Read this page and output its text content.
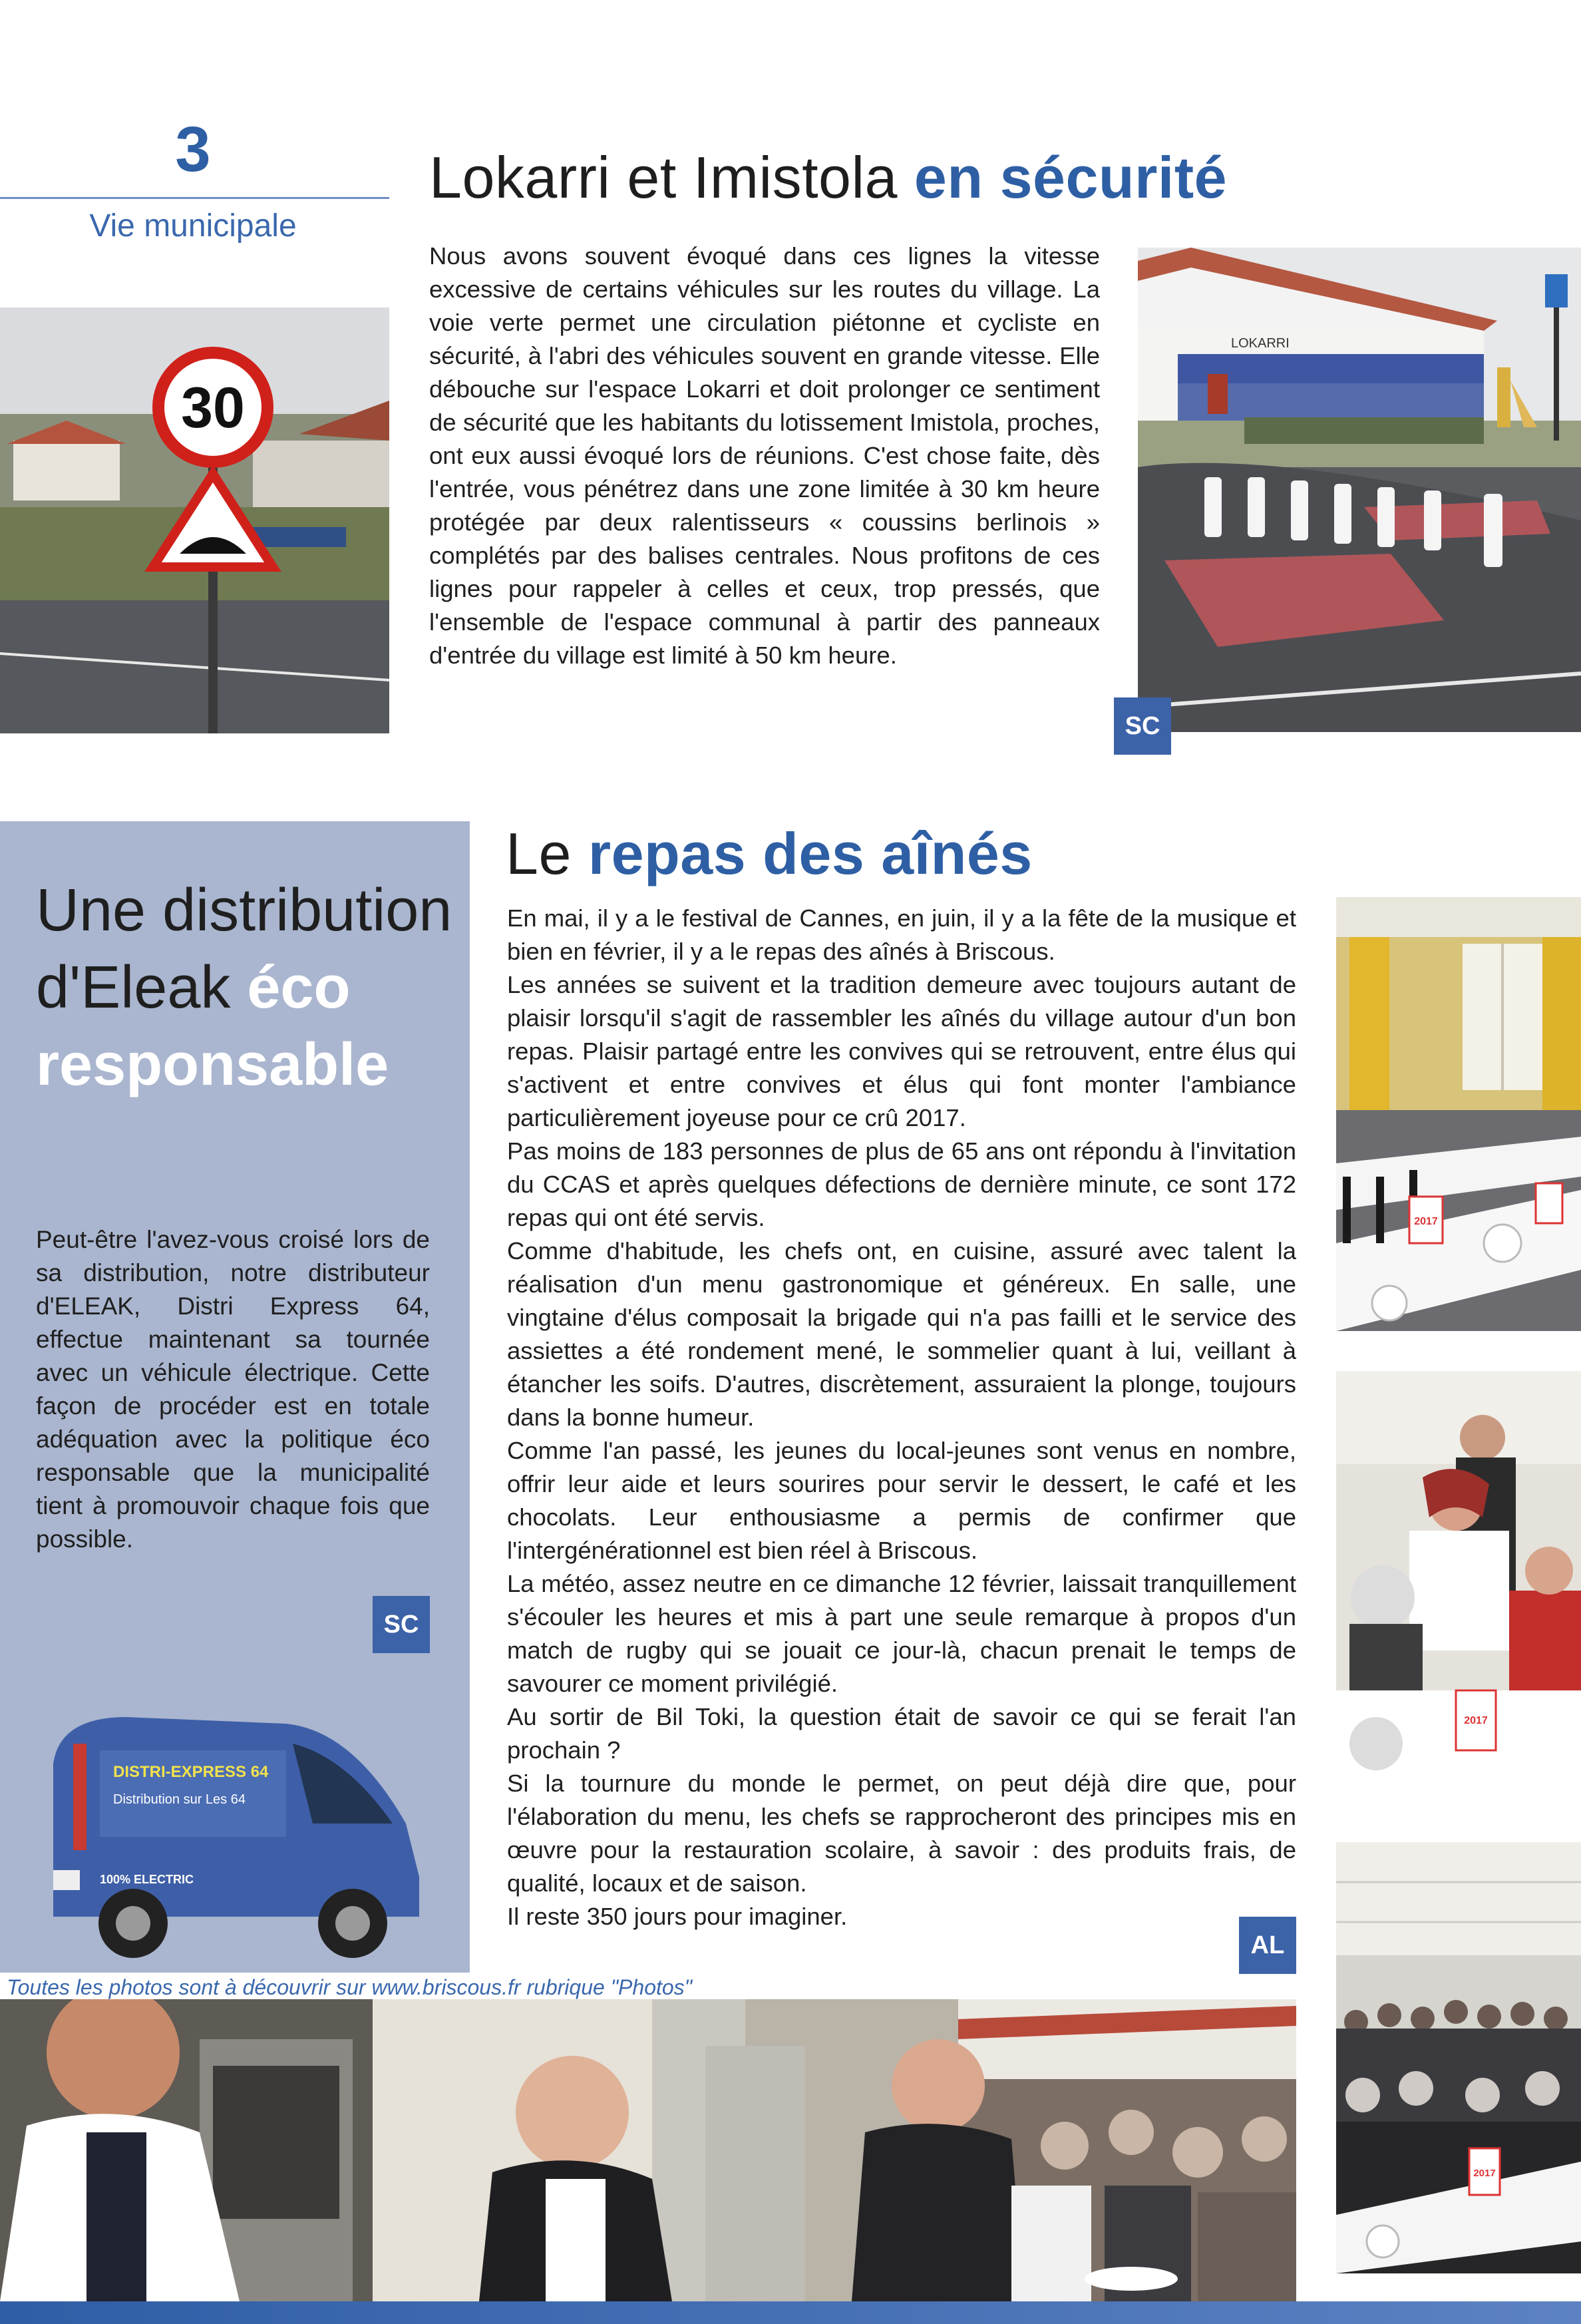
3
Vie municipale
Lokarri et Imistola en sécurité

Nous avons souvent évoqué dans ces lignes la vitesse excessive de certains véhicules sur les routes du village. La voie verte permet une circulation piétonne et cycliste en sécurité, à l'abri des véhicules souvent en grande vitesse. Elle débouche sur l'espace Lokarri et doit prolonger ce sentiment de sécurité que les habitants du lotissement Imistola, proches, ont eux aussi évoqué lors de réunions. C'est chose faite, dès l'entrée, vous pénétrez dans une zone limitée à 30 km heure protégée par deux ralentisseurs « coussins berlinois » complétés par des balises centrales. Nous profitons de ces lignes pour rappeler à celles et ceux, trop pressés, que l'ensemble de l'espace communal à partir des panneaux d'entrée du village est limité à 50 km heure.

30
LOKARRI
SC
Une distribution d'Eleak éco responsable
Peut-être l'avez-vous croisé lors de sa distribution, notre distributeur d'ELEAK, Distri Express 64, effectue maintenant sa tournée avec un véhicule électrique. Cette façon de procéder est en totale adéquation avec la politique éco responsable que la municipalité tient à promouvoir chaque fois que possible.
SC
DISTRI-EXPRESS 64
Distribution sur Les 64
100% ELECTRIC
Le repas des aînés

En mai, il y a le festival de Cannes, en juin, il y a la fête de la musique et bien en février, il y a le repas des aînés à Briscous.

Les années se suivent et la tradition demeure avec toujours autant de plaisir lorsqu'il s'agit de rassembler les aînés du village autour d'un bon repas. Plaisir partagé entre les convives qui se retrouvent, entre élus qui s'activent et entre convives et élus qui font monter l'ambiance particulièrement joyeuse pour ce crû 2017.

Pas moins de 183 personnes de plus de 65 ans ont répondu à l'invitation du CCAS et après quelques défections de dernière minute, ce sont 172 repas qui ont été servis.

Comme d'habitude, les chefs ont, en cuisine, assuré avec talent la réalisation d'un menu gastronomique et généreux. En salle, une vingtaine d'élus composait la brigade qui n'a pas failli et le service des assiettes a été rondement mené, le sommelier quant à lui, veillant à étancher les soifs. D'autres, discrètement, assuraient la plonge, toujours dans la bonne humeur.

Comme l'an passé, les jeunes du local-jeunes sont venus en nombre, offrir leur aide et leurs sourires pour servir le dessert, le café et les chocolats. Leur enthousiasme a permis de confirmer que l'intergénérationnel est bien réel à Briscous.

La météo, assez neutre en ce dimanche 12 février, laissait tranquillement s'écouler les heures et mis à part une seule remarque à propos d'un match de rugby qui se jouait ce jour-là, chacun prenait le temps de savourer ce moment privilégié.

Au sortir de Bil Toki, la question était de savoir ce qui se ferait l'an prochain ?

Si la tournure du monde le permet, on peut déjà dire que, pour l'élaboration du menu, les chefs se rapprocheront des principes mis en œuvre pour la restauration scolaire, à savoir : des produits frais, de qualité, locaux et de saison.

Il reste 350 jours pour imaginer.

AL
2017
2017
2017
Toutes les photos sont à découvrir sur www.briscous.fr rubrique "Photos"
